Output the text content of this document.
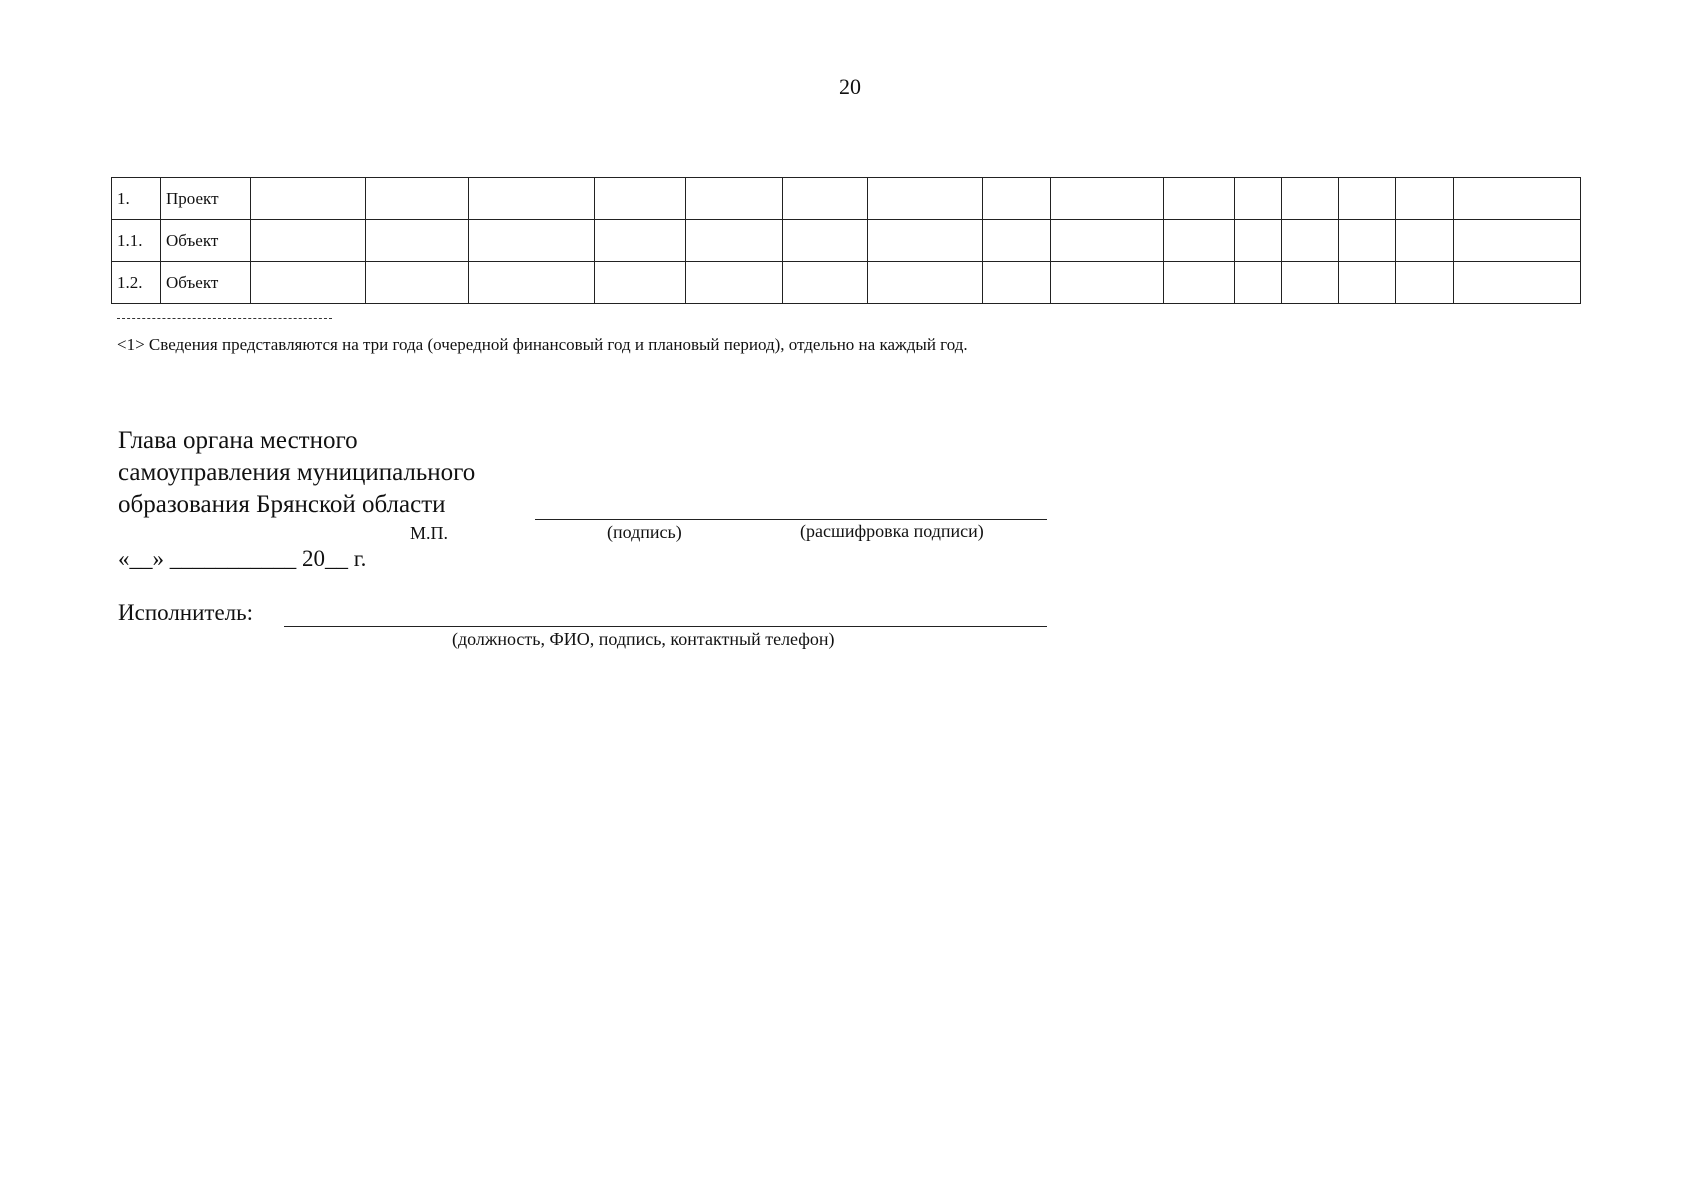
20
1.	Проект															
1.1.	Объект															
1.2.	Объект															
<1> Сведения представляются на три года (очередной финансовый год и плановый период), отдельно на каждый год.
Глава органа местного
самоуправления муниципального
образования Брянской области
М.П.	(подпись)	(расшифровка подписи)
«__» ___________ 20__ г.
Исполнитель:
(должность, ФИО, подпись, контактный телефон)
